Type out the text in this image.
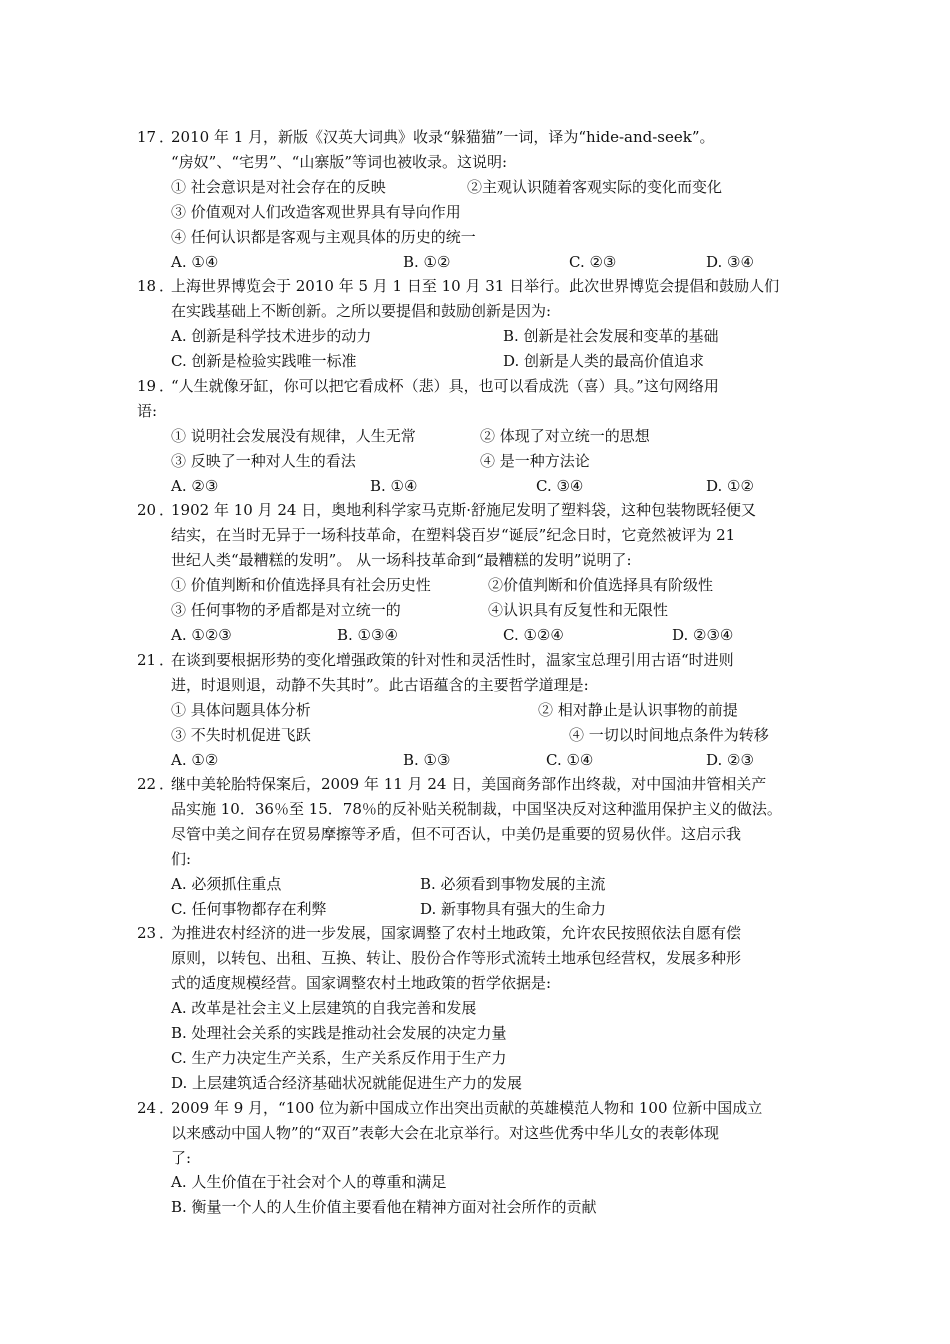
17 ．
2010 年 1 月，新版《汉英大词典》收录“躲猫猫”一词，译为“hide-and-seek”。
“房奴”、“宅男”、“山寨版”等词也被收录。这说明:
① 社会意识是对社会存在的反映	②主观认识随着客观实际的变化而变化
③ 价值观对人们改造客观世界具有导向作用
④ 任何认识都是客观与主观具体的历史的统一
A. ①④	B. ①②	C. ②③	D. ③④
18 ．
上海世界博览会于 2010 年 5 月 1 日至 10 月 31 日举行。此次世界博览会提倡和鼓励人们
在实践基础上不断创新。之所以要提倡和鼓励创新是因为:
A. 创新是科学技术进步的动力	B. 创新是社会发展和变革的基础
C. 创新是检验实践唯一标准	D. 创新是人类的最高价值追求
19 ．
“人生就像牙缸，你可以把它看成杯（悲）具，也可以看成洗（喜）具。”这句网络用
语:
① 说明社会发展没有规律，人生无常	② 体现了对立统一的思想
③ 反映了一种对人生的看法	④ 是一种方法论
A. ②③	B. ①④	C. ③④	D. ①②
20 ．
1902 年 10 月 24 日，奥地利科学家马克斯·舒施尼发明了塑料袋，这种包装物既轻便又
结实，在当时无异于一场科技革命，在塑料袋百岁“诞辰”纪念日时，它竟然被评为 21
世纪人类“最糟糕的发明”。 从一场科技革命到“最糟糕的发明”说明了:
① 价值判断和价值选择具有社会历史性	②价值判断和价值选择具有阶级性
③ 任何事物的矛盾都是对立统一的	④认识具有反复性和无限性
A. ①②③	B. ①③④	C. ①②④	D. ②③④
21 ．
在谈到要根据形势的变化增强政策的针对性和灵活性时，温家宝总理引用古语“时进则
进，时退则退，动静不失其时”。此古语蕴含的主要哲学道理是:
① 具体问题具体分析	② 相对静止是认识事物的前提
③ 不失时机促进飞跃	④ 一切以时间地点条件为转移
A. ①②	B. ①③	C. ①④	D. ②③
22 ．
继中美轮胎特保案后，2009 年 11 月 24 日，美国商务部作出终裁，对中国油井管相关产
品实施 10．36％至 15．78％的反补贴关税制裁，中国坚决反对这种滥用保护主义的做法。
尽管中美之间存在贸易摩擦等矛盾，但不可否认，中美仍是重要的贸易伙伴。这启示我
们:
A. 必须抓住重点	B. 必须看到事物发展的主流
C. 任何事物都存在利弊	D. 新事物具有强大的生命力
23 ．
为推进农村经济的进一步发展，国家调整了农村土地政策，允许农民按照依法自愿有偿
原则，以转包、出租、互换、转让、股份合作等形式流转土地承包经营权，发展多种形
式的适度规模经营。国家调整农村土地政策的哲学依据是:
A. 改革是社会主义上层建筑的自我完善和发展
B. 处理社会关系的实践是推动社会发展的决定力量
C. 生产力决定生产关系，生产关系反作用于生产力
D. 上层建筑适合经济基础状况就能促进生产力的发展
24 ．
2009 年 9 月，“100 位为新中国成立作出突出贡献的英雄模范人物和 100 位新中国成立
以来感动中国人物”的“双百”表彰大会在北京举行。对这些优秀中华儿女的表彰体现
了:
A. 人生价值在于社会对个人的尊重和满足
B. 衡量一个人的人生价值主要看他在精神方面对社会所作的贡献
